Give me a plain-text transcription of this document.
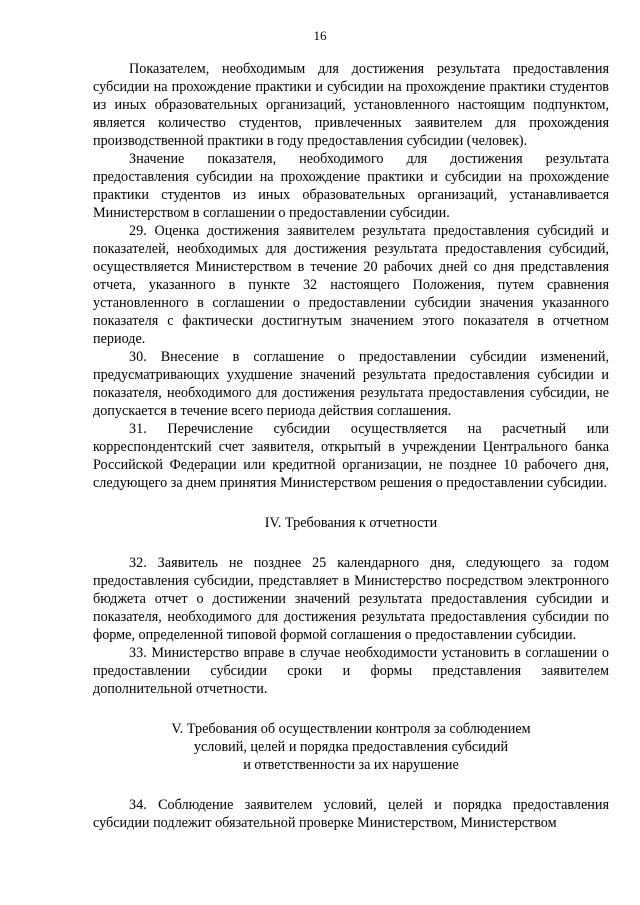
16

Показателем, необходимым для достижения результата предоставления субсидии на прохождение практики и субсидии на прохождение практики студентов из иных образовательных организаций, установленного настоящим подпунктом, является количество студентов, привлеченных заявителем для прохождения производственной практики в году предоставления субсидии (человек).

Значение показателя, необходимого для достижения результата предоставления субсидии на прохождение практики и субсидии на прохождение практики студентов из иных образовательных организаций, устанавливается Министерством в соглашении о предоставлении субсидии.

29. Оценка достижения заявителем результата предоставления субсидий и показателей, необходимых для достижения результата предоставления субсидий, осуществляется Министерством в течение 20 рабочих дней со дня представления отчета, указанного в пункте 32 настоящего Положения, путем сравнения установленного в соглашении о предоставлении субсидии значения указанного показателя с фактически достигнутым значением этого показателя в отчетном периоде.

30. Внесение в соглашение о предоставлении субсидии изменений, предусматривающих ухудшение значений результата предоставления субсидии и показателя, необходимого для достижения результата предоставления субсидии, не допускается в течение всего периода действия соглашения.

31. Перечисление субсидии осуществляется на расчетный или корреспондентский счет заявителя, открытый в учреждении Центрального банка Российской Федерации или кредитной организации, не позднее 10 рабочего дня, следующего за днем принятия Министерством решения о предоставлении субсидии.

IV. Требования к отчетности

32. Заявитель не позднее 25 календарного дня, следующего за годом предоставления субсидии, представляет в Министерство посредством электронного бюджета отчет о достижении значений результата предоставления субсидии и показателя, необходимого для достижения результата предоставления субсидии по форме, определенной типовой формой соглашения о предоставлении субсидии.

33. Министерство вправе в случае необходимости установить в соглашении о предоставлении субсидии сроки и формы представления заявителем дополнительной отчетности.

V. Требования об осуществлении контроля за соблюдением
условий, целей и порядка предоставления субсидий
и ответственности за их нарушение

34. Соблюдение заявителем условий, целей и порядка предоставления субсидии подлежит обязательной проверке Министерством, Министерством
